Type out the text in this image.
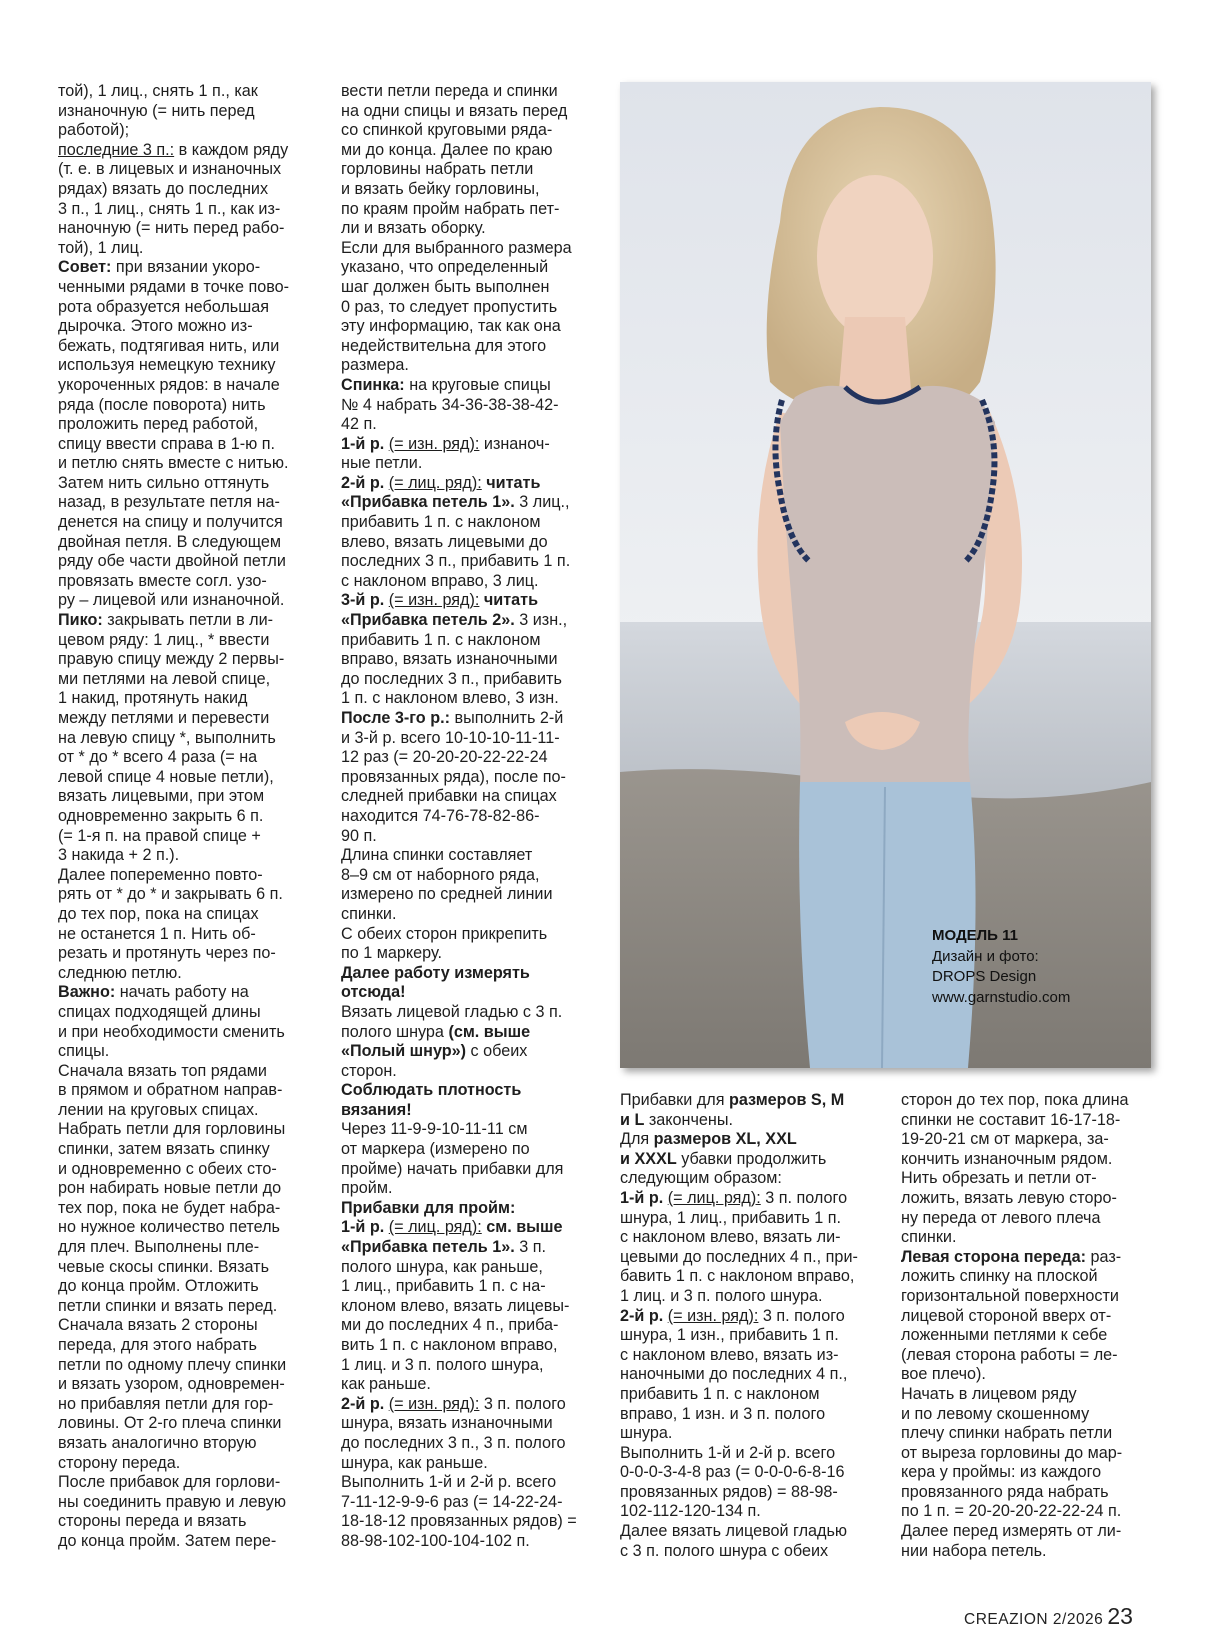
той), 1 лиц., снять 1 п., как

изнаночную (= нить перед

работой);

последние 3 п.: в каждом ряду

(т. е. в лицевых и изнаночных

рядах) вязать до последних

3 п., 1 лиц., снять 1 п., как из-

наночную (= нить перед рабо-

той), 1 лиц.

Совет: при вязании укоро-

ченными рядами в точке пово-

рота образуется небольшая

дырочка. Этого можно из-

бежать, подтягивая нить, или

используя немецкую технику

укороченных рядов: в начале

ряда (после поворота) нить

проложить перед работой,

спицу ввести справа в 1-ю п.

и петлю снять вместе с нитью.

Затем нить сильно оттянуть

назад, в результате петля на-

денется на спицу и получится

двойная петля. В следующем

ряду обе части двойной петли

провязать вместе согл. узо-

ру – лицевой или изнаночной.

Пико: закрывать петли в ли-

цевом ряду: 1 лиц., * ввести

правую спицу между 2 первы-

ми петлями на левой спице,

1 накид, протянуть накид

между петлями и перевести

на левую спицу *, выполнить

от * до * всего 4 раза (= на

левой спице 4 новые петли),

вязать лицевыми, при этом

одновременно закрыть 6 п.

(= 1-я п. на правой спице +

3 накида + 2 п.).

Далее попеременно повто-

рять от * до * и закрывать 6 п.

до тех пор, пока на спицах

не останется 1 п. Нить об-

резать и протянуть через по-

следнюю петлю.

Важно: начать работу на

спицах подходящей длины

и при необходимости сменить

спицы.

Сначала вязать топ рядами

в прямом и обратном направ-

лении на круговых спицах.

Набрать петли для горловины

спинки, затем вязать спинку

и одновременно с обеих сто-

рон набирать новые петли до

тех пор, пока не будет набра-

но нужное количество петель

для плеч. Выполнены пле-

чевые скосы спинки. Вязать

до конца пройм. Отложить

петли спинки и вязать перед.

Сначала вязать 2 стороны

переда, для этого набрать

петли по одному плечу спинки

и вязать узором, одновремен-

но прибавляя петли для гор-

ловины. От 2-го плеча спинки

вязать аналогично вторую

сторону переда.

После прибавок для горлови-

ны соединить правую и левую

стороны переда и вязать

до конца пройм. Затем пере-

вести петли переда и спинки

на одни спицы и вязать перед

со спинкой круговыми ряда-

ми до конца. Далее по краю

горловины набрать петли

и вязать бейку горловины,

по краям пройм набрать пет-

ли и вязать оборку.

Если для выбранного размера

указано, что определенный

шаг должен быть выполнен

0 раз, то следует пропустить

эту информацию, так как она

недействительна для этого

размера.

Спинка: на круговые спицы

№ 4 набрать 34-36-38-38-42-

42 п.

1-й р. (= изн. ряд): изнаноч-

ные петли.

2-й р. (= лиц. ряд): читать

«Прибавка петель 1». 3 лиц.,

прибавить 1 п. с наклоном

влево, вязать лицевыми до

последних 3 п., прибавить 1 п.

с наклоном вправо, 3 лиц.

3-й р. (= изн. ряд): читать

«Прибавка петель 2». 3 изн.,

прибавить 1 п. с наклоном

вправо, вязать изнаночными

до последних 3 п., прибавить

1 п. с наклоном влево, 3 изн.

После 3-го р.: выполнить 2-й

и 3-й р. всего 10-10-10-11-11-

12 раз (= 20-20-20-22-22-24

провязанных ряда), после по-

следней прибавки на спицах

находится 74-76-78-82-86-

90 п.

Длина спинки составляет

8–9 см от наборного ряда,

измерено по средней линии

спинки.

С обеих сторон прикрепить

по 1 маркеру.

Далее работу измерять

отсюда!

Вязать лицевой гладью с 3 п.

полого шнура (см. выше

«Полый шнур») с обеих

сторон.

Соблюдать плотность

вязания!

Через 11-9-9-10-11-11 см

от маркера (измерено по

пройме) начать прибавки для

пройм.

Прибавки для пройм:

1-й р. (= лиц. ряд): см. выше

«Прибавка петель 1». 3 п.

полого шнура, как раньше,

1 лиц., прибавить 1 п. с на-

клоном влево, вязать лицевы-

ми до последних 4 п., приба-

вить 1 п. с наклоном вправо,

1 лиц. и 3 п. полого шнура,

как раньше.

2-й р. (= изн. ряд): 3 п. полого

шнура, вязать изнаночными

до последних 3 п., 3 п. полого

шнура, как раньше.

Выполнить 1-й и 2-й р. всего

7-11-12-9-9-6 раз (= 14-22-24-

18-18-12 провязанных рядов) =

88-98-102-100-104-102 п.

Прибавки для размеров S, M

и L закончены.

Для размеров XL, XXL

и XXXL убавки продолжить

следующим образом:

1-й р. (= лиц. ряд): 3 п. полого

шнура, 1 лиц., прибавить 1 п.

с наклоном влево, вязать ли-

цевыми до последних 4 п., при-

бавить 1 п. с наклоном вправо,

1 лиц. и 3 п. полого шнура.

2-й р. (= изн. ряд): 3 п. полого

шнура, 1 изн., прибавить 1 п.

с наклоном влево, вязать из-

наночными до последних 4 п.,

прибавить 1 п. с наклоном

вправо, 1 изн. и 3 п. полого

шнура.

Выполнить 1-й и 2-й р. всего

0-0-0-3-4-8 раз (= 0-0-0-6-8-16

провязанных рядов) = 88-98-

102-112-120-134 п.

Далее вязать лицевой гладью

с 3 п. полого шнура с обеих

сторон до тех пор, пока длина

спинки не составит 16-17-18-

19-20-21 см от маркера, за-

кончить изнаночным рядом.

Нить обрезать и петли от-

ложить, вязать левую сторо-

ну переда от левого плеча

спинки.

Левая сторона переда: раз-

ложить спинку на плоской

горизонтальной поверхности

лицевой стороной вверх от-

ложенными петлями к себе

(левая сторона работы = ле-

вое плечо).

Начать в лицевом ряду

и по левому скошенному

плечу спинки набрать петли

от выреза горловины до мар-

кера у проймы: из каждого

провязанного ряда набрать

по 1 п. = 20-20-20-22-22-24 п.

Далее перед измерять от ли-

нии набора петель.

МОДЕЛЬ 11

Дизайн и фото:

DROPS Design

www.garnstudio.com

CREAZION 2/2026 23
